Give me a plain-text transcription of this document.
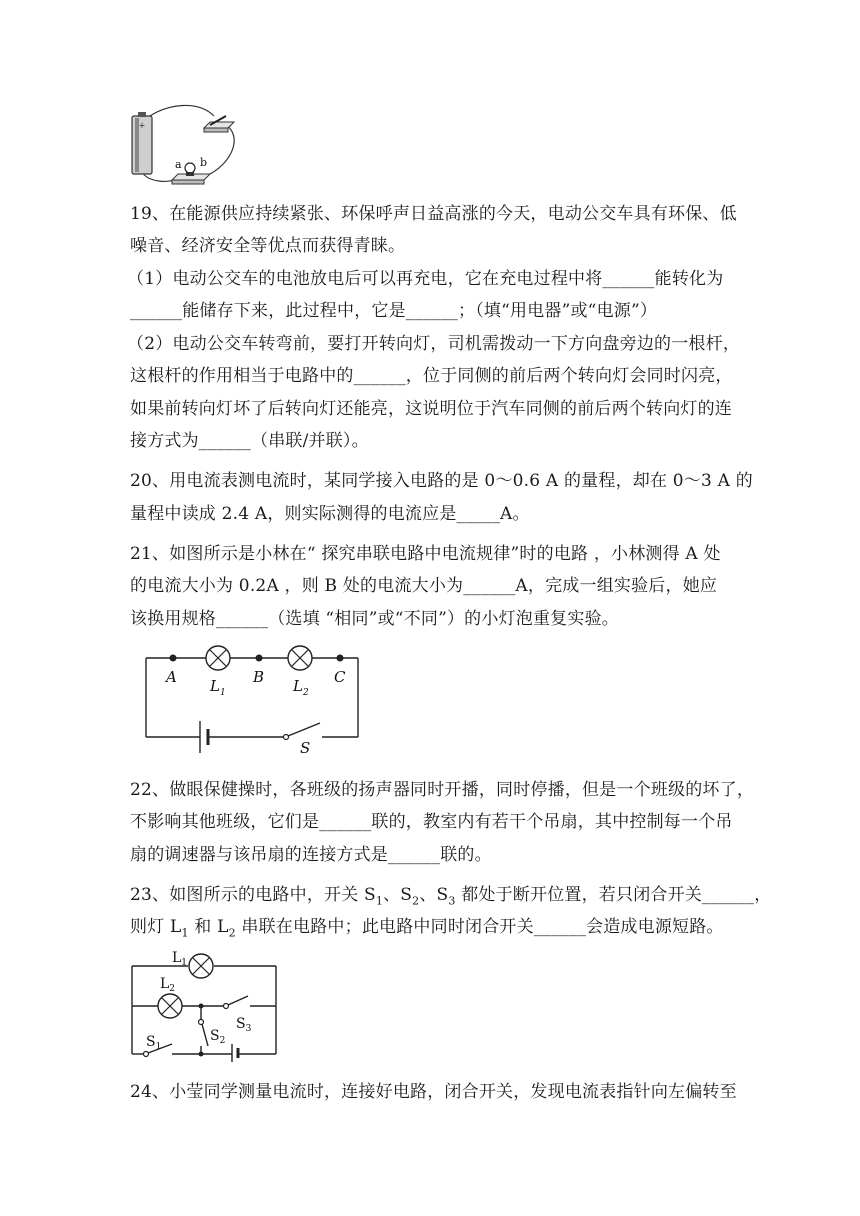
+
a b
19、在能源供应持续紧张、环保呼声日益高涨的今天，电动公交车具有环保、低
噪音、经济安全等优点而获得青睐。
（1）电动公交车的电池放电后可以再充电，它在充电过程中将______能转化为
______能储存下来，此过程中，它是______；（填“用电器”或“电源”）
（2）电动公交车转弯前，要打开转向灯，司机需拨动一下方向盘旁边的一根杆，
这根杆的作用相当于电路中的______，位于同侧的前后两个转向灯会同时闪亮，
如果前转向灯坏了后转向灯还能亮，这说明位于汽车同侧的前后两个转向灯的连
接方式为______（串联/并联）。
20、用电流表测电流时，某同学接入电路的是 0～0.6 A 的量程，却在 0～3 A 的
量程中读成 2.4 A，则实际测得的电流应是_____A。
21、如图所示是小林在“ 探究串联电路中电流规律”时的电路 ，小林测得 A 处
的电流大小为 0.2A ，则 B 处的电流大小为______A，完成一组实验后，她应
该换用规格______（选填 “相同”或“不同”）的小灯泡重复实验。
A	B	C
$L_1$	$L_2$
S
22、做眼保健操时，各班级的扬声器同时开播，同时停播，但是一个班级的坏了，
不影响其他班级，它们是______联的，教室内有若干个吊扇，其中控制每一个吊
扇的调速器与该吊扇的连接方式是______联的。
23、如图所示的电路中，开关 $S_1$、$S_2$、$S_3$ 都处于断开位置，若只闭合开关______，
则灯 $L_1$ 和 $L_2$ 串联在电路中；此电路中同时闭合开关______会造成电源短路。
$L_1$
$L_2$
$S_3$
$S_2$
$S_1$
24、小莹同学测量电流时，连接好电路，闭合开关，发现电流表指针向左偏转至
